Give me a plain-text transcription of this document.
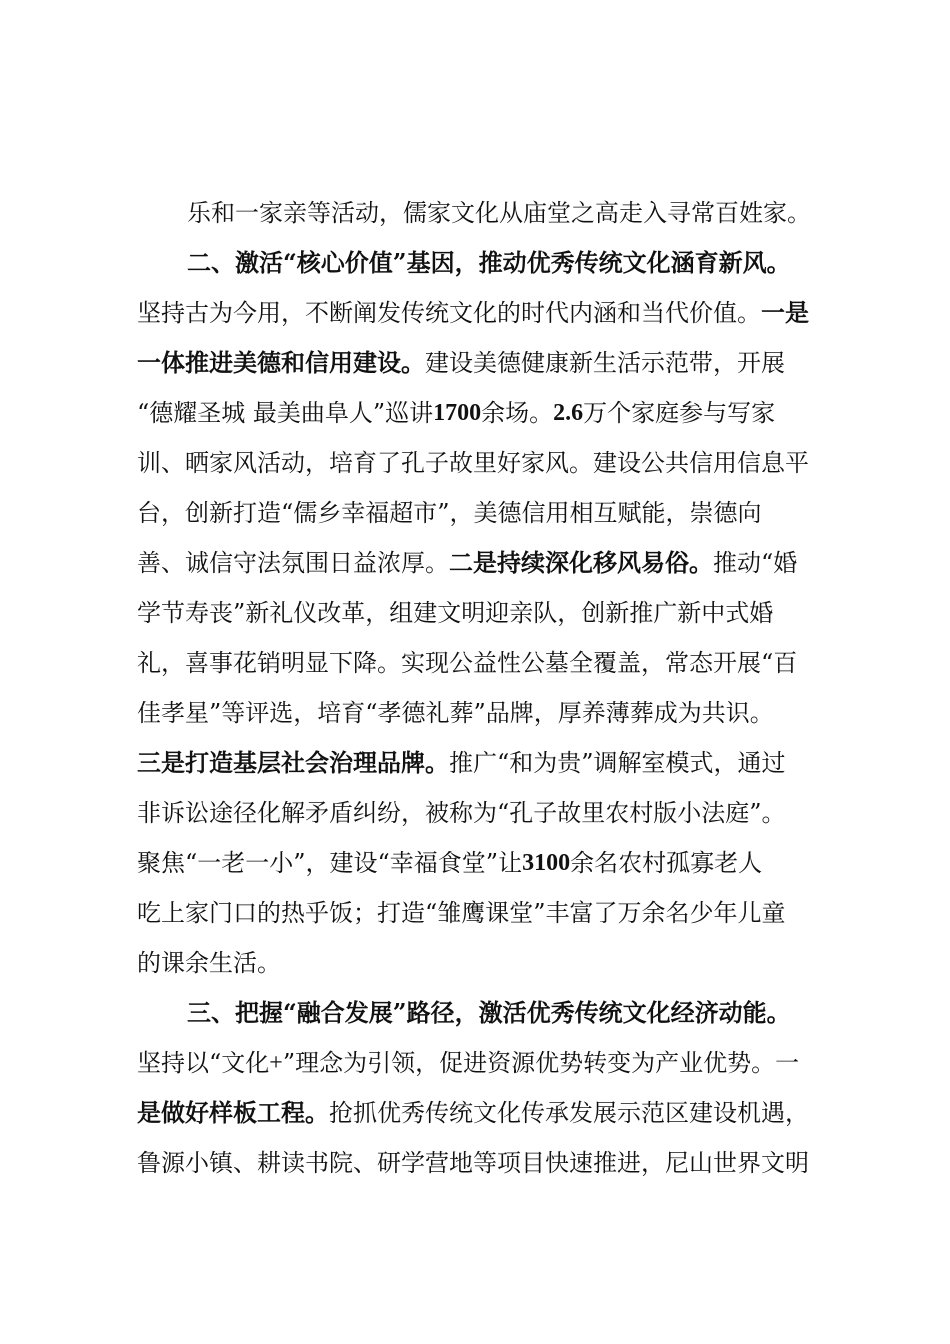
乐和一家亲等活动，儒家文化从庙堂之高走入寻常百姓家。
二、激活“核心价值”基因，推动优秀传统文化涵育新风。
坚持古为今用，不断阐发传统文化的时代内涵和当代价值。 一是
一体推进美德和信用建设。 建设美德健康新生活示范带，开展
“德耀圣城 最美曲阜人”巡讲 1700 余场。 2.6 万个家庭参与写家
训、晒家风活动，培育了孔子故里好家风。建设公共信用信息平
台，创新打造“儒乡幸福超市”，美德信用相互赋能，崇德向
善、诚信守法氛围日益浓厚。 二是持续深化移风易俗。 推动“婚
学节寿丧”新礼仪改革，组建文明迎亲队，创新推广新中式婚
礼，喜事花销明显下降。实现公益性公墓全覆盖，常态开展“百
佳孝星”等评选，培育“孝德礼葬”品牌，厚养薄葬成为共识。
三是打造基层社会治理品牌。 推广“和为贵”调解室模式，通过
非诉讼途径化解矛盾纠纷，被称为“孔子故里农村版小法庭”。
聚焦“一老一小”，建设“幸福食堂”让 3100 余名农村孤寡老人
吃上家门口的热乎饭；打造“雏鹰课堂”丰富了万余名少年儿童
的课余生活。
三、把握“融合发展”路径，激活优秀传统文化经济动能。
坚持以“文化 + ”理念为引领，促进资源优势转变为产业优势。一
是做好样板工程。 抢抓优秀传统文化传承发展示范区建设机遇，
鲁源小镇、耕读书院、研学营地等项目快速推进，尼山世界文明
